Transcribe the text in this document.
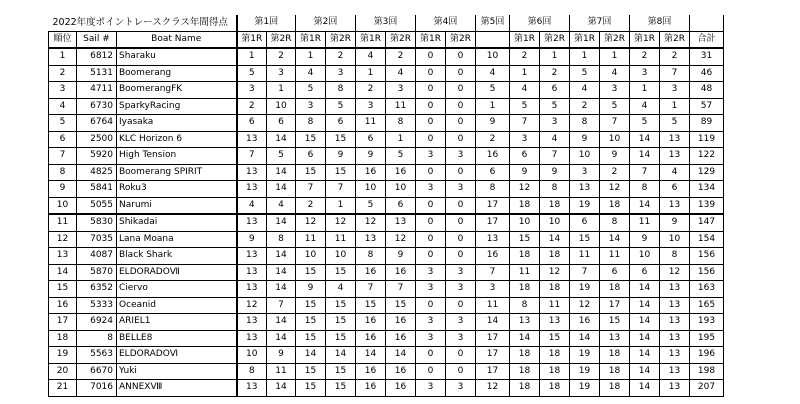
2022年度ポイントレースクラス年間得点			第1回		第2回		第3回		第4回		第5回	第6回		第7回		第8回		
順位	Sail #	Boat Name	第1R	第2R	第1R	第2R	第1R	第2R	第1R	第2R		第1R	第2R	第1R	第2R	第1R	第2R	合計
1	6812	Sharaku	1	2	1	2	4	2	0	0	10	2	1	1	1	2	2	31
2	5131	Boomerang	5	3	4	3	1	4	0	0	4	1	2	5	4	3	7	46
3	4711	BoomerangFK	3	1	5	8	2	3	0	0	5	4	6	4	3	1	3	48
4	6730	SparkyRacing	2	10	3	5	3	11	0	0	1	5	5	2	5	4	1	57
5	6764	Iyasaka	6	6	8	6	11	8	0	0	9	7	3	8	7	5	5	89
6	2500	KLC Horizon 6	13	14	15	15	6	1	0	0	2	3	4	9	10	14	13	119
7	5920	High Tension	7	5	6	9	9	5	3	3	16	6	7	10	9	14	13	122
8	4825	Boomerang SPIRIT	13	14	15	15	16	16	0	0	6	9	9	3	2	7	4	129
9	5841	Roku3	13	14	7	7	10	10	3	3	8	12	8	13	12	8	6	134
10	5055	Narumi	4	4	2	1	5	6	0	0	17	18	18	19	18	14	13	139
11	5830	Shikadai	13	14	12	12	12	13	0	0	17	10	10	6	8	11	9	147
12	7035	Lana Moana	9	8	11	11	13	12	0	0	13	15	14	15	14	9	10	154
13	4087	Black Shark	13	14	10	10	8	9	0	0	16	18	18	11	11	10	8	156
14	5870	ELDORADOⅦ	13	14	15	15	16	16	3	3	7	11	12	7	6	6	12	156
15	6352	Ciervo	13	14	9	4	7	7	3	3	3	18	18	19	18	14	13	163
16	5333	Oceanid	12	7	15	15	15	15	0	0	11	8	11	12	17	14	13	165
17	6924	ARIEL1	13	14	15	15	16	16	3	3	14	13	13	16	15	14	13	193
18	8	BELLE8	13	14	15	15	16	16	3	3	17	14	15	14	13	14	13	195
19	5563	ELDORADOⅥ	10	9	14	14	14	14	0	0	17	18	18	19	18	14	13	196
20	6670	Yuki	8	11	15	15	16	16	0	0	17	18	18	19	18	14	13	198
21	7016	ANNEXⅧ	13	14	15	15	16	16	3	3	12	18	18	19	18	14	13	207
